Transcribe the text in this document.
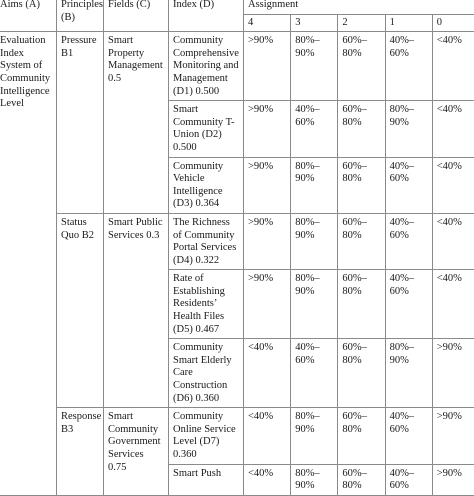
Aims (A)	Principles (B)	Fields (C)	Index (D)	Assignment				
				4	3	2	1	0
Evaluation Index System of Community Intelligence Level	Pressure B1	Smart Property Management 0.5	Community Comprehensive Monitoring and Management (D1) 0.500	>90%	80%–90%	60%–80%	40%–60%	<40%
			Smart Community T-Union (D2) 0.500	>90%	40%–60%	60%–80%	80%–90%	<40%
			Community Vehicle Intelligence (D3) 0.364	>90%	80%–90%	60%–80%	40%–60%	<40%
	Status Quo B2	Smart Public Services 0.3	The Richness of Community Portal Services (D4) 0.322	>90%	80%–90%	60%–80%	40%–60%	<40%
			Rate of Establishing Residents’ Health Files (D5) 0.467	>90%	80%–90%	60%–80%	40%–60%	<40%
			Community Smart Elderly Care Construction (D6) 0.360	<40%	40%–60%	60%–80%	80%–90%	>90%
	Response B3	Smart Community Government Services 0.75	Community Online Service Level (D7) 0.360	<40%	80%–90%	60%–80%	40%–60%	>90%
			Smart Push	<40%	80%–90%	60%–80%	40%–60%	>90%
